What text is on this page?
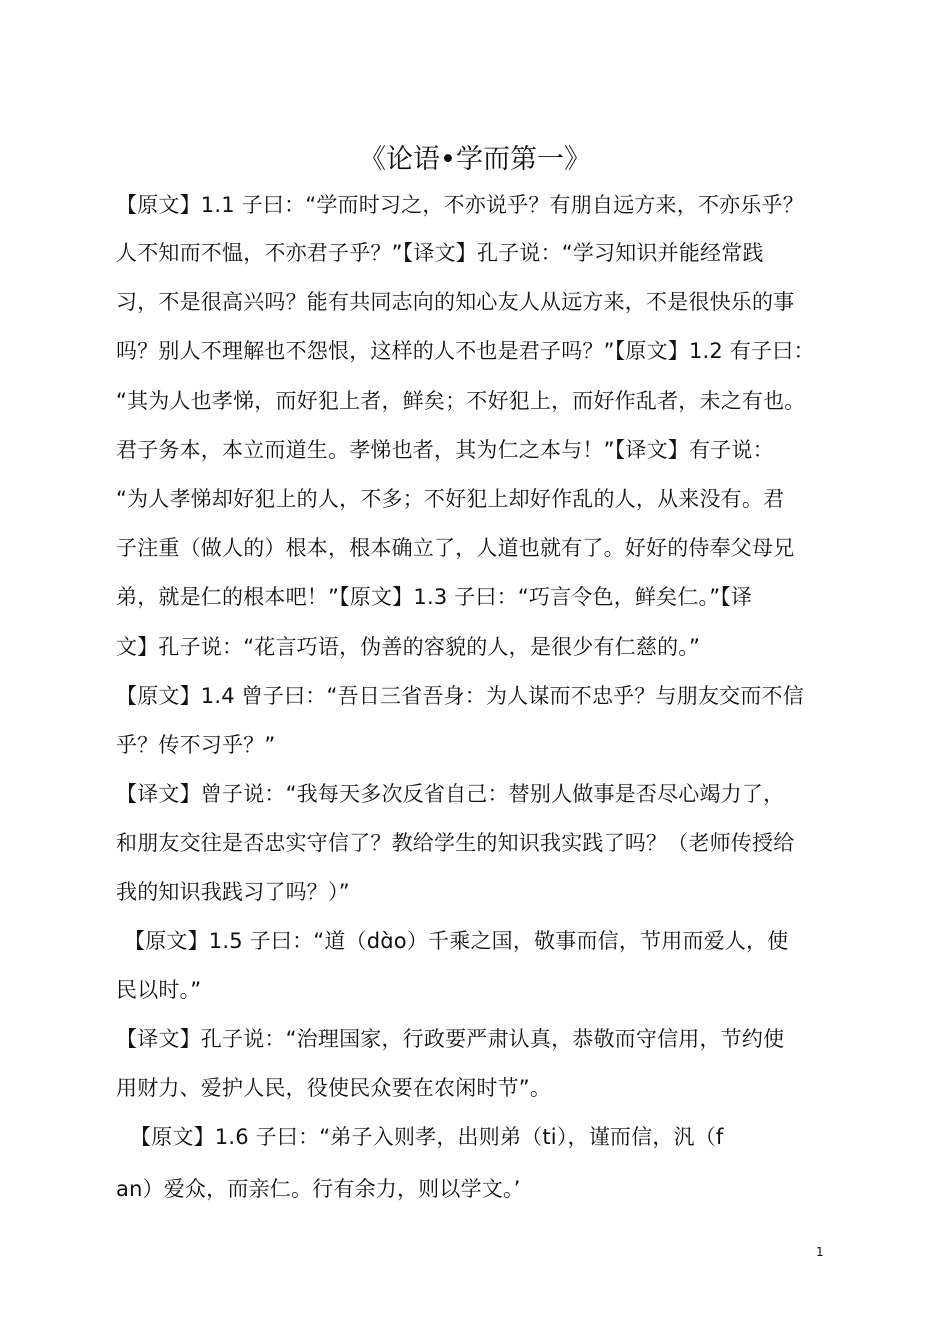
《论语•学而第一》
【原文】1.1 子曰：“学而时习之，不亦说乎？有朋自远方来，不亦乐乎？
人不知而不愠，不亦君子乎？”【译文】孔子说：“学习知识并能经常践
习，不是很高兴吗？能有共同志向的知心友人从远方来，不是很快乐的事
吗？别人不理解也不怨恨，这样的人不也是君子吗？”【原文】1.2 有子曰：
“其为人也孝悌，而好犯上者，鲜矣；不好犯上，而好作乱者，未之有也。
君子务本，本立而道生。孝悌也者，其为仁之本与！”【译文】有子说：
“为人孝悌却好犯上的人，不多；不好犯上却好作乱的人，从来没有。君
子注重（做人的）根本，根本确立了，人道也就有了。好好的侍奉父母兄
弟，就是仁的根本吧！”【原文】1.3 子曰：“巧言令色，鲜矣仁。”【译
文】孔子说：“花言巧语，伪善的容貌的人，是很少有仁慈的。”
【原文】1.4 曾子曰：“吾日三省吾身：为人谋而不忠乎？与朋友交而不信
乎？传不习乎？”
【译文】曾子说：“我每天多次反省自己：替别人做事是否尽心竭力了，
和朋友交往是否忠实守信了？教给学生的知识我实践了吗？（老师传授给
我的知识我践习了吗？）”
【原文】1.5 子曰：“道（dɑ̀o）千乘之国，敬事而信，节用而爱人，使
民以时。”
【译文】孔子说：“治理国家，行政要严肃认真，恭敬而守信用，节约使
用财力、爱护人民，役使民众要在农闲时节”。
【原文】1.6 子曰：“弟子入则孝，出则弟（ti），谨而信，汎（f
an）爱众，而亲仁。行有余力，则以学文。’
1
